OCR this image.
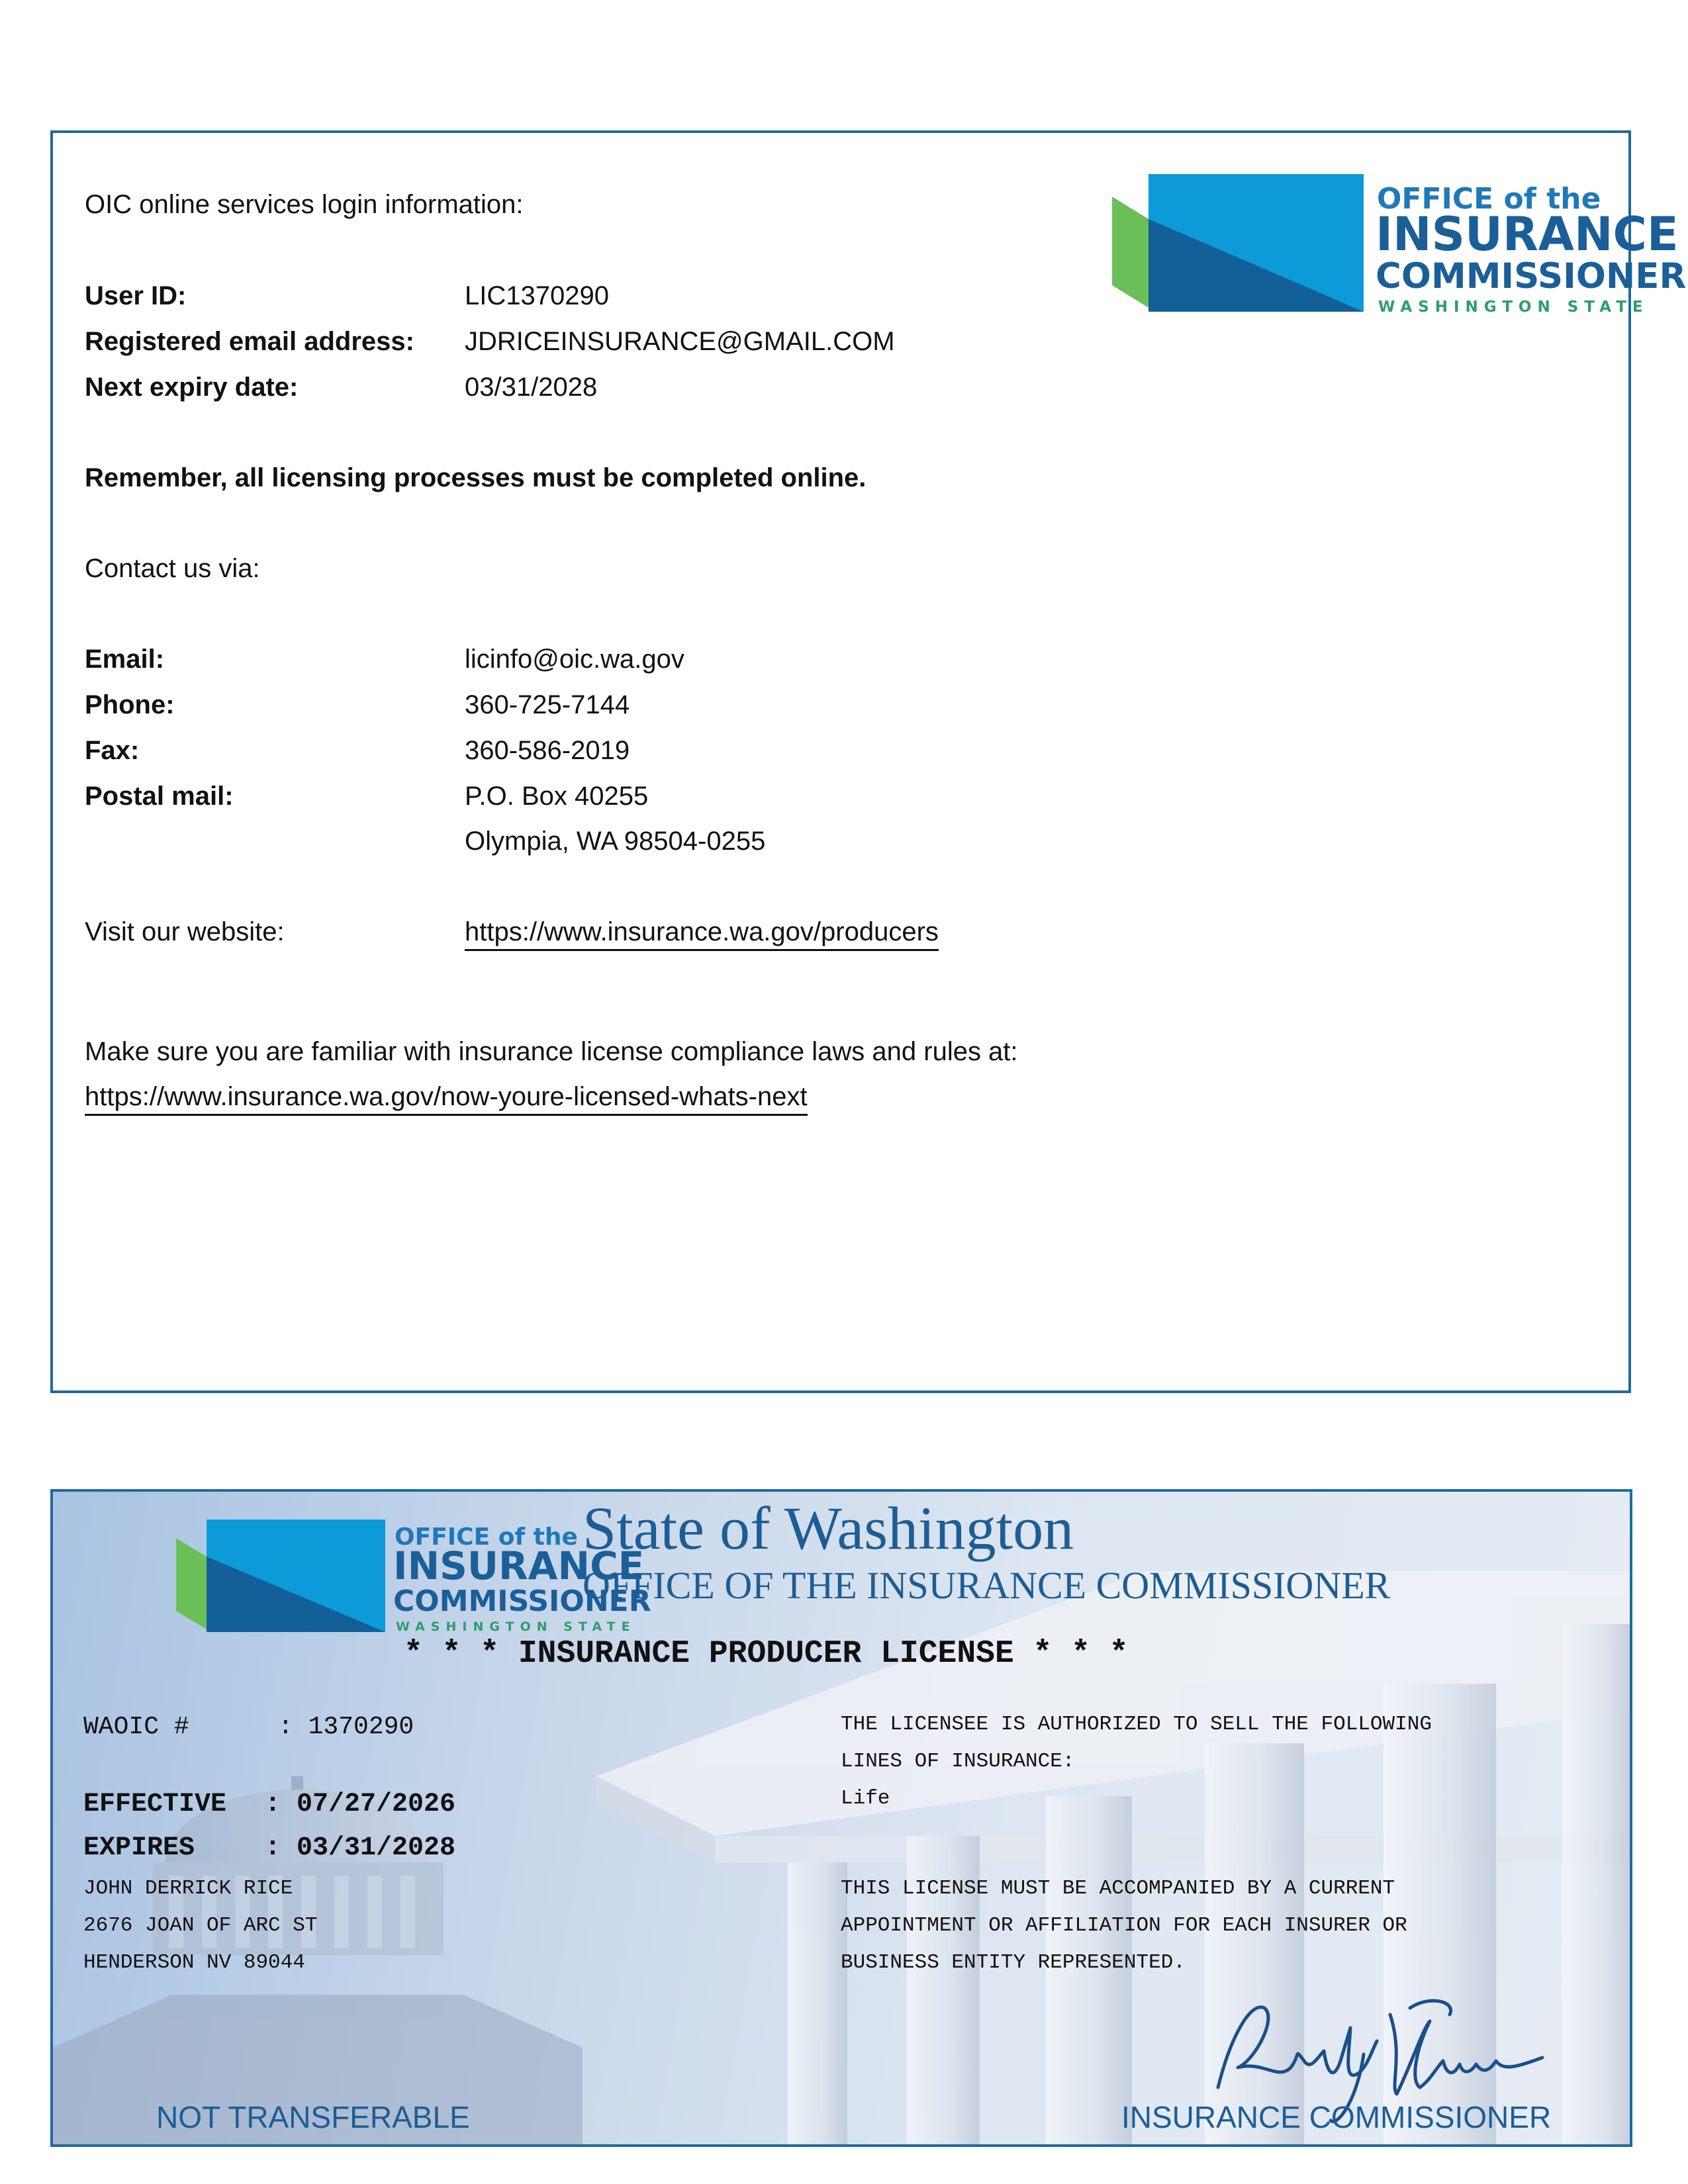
OFFICE of the
INSURANCE
COMMISSIONER
WASHINGTON STATE
OIC online services login information:
User ID:	LIC1370290
Registered email address: JDRICEINSURANCE@GMAIL.COM
Next expiry date:	03/31/2028
Remember, all licensing processes must be completed online.
Contact us via:
Email:	licinfo@oic.wa.gov
Phone:	360-725-7144
Fax:	360-586-2019
Postal mail:	P.O. Box 40255
Olympia, WA 98504-0255
Visit our website:	https://www.insurance.wa.gov/producers
Make sure you are familiar with insurance license compliance laws and rules at:
https://www.insurance.wa.gov/now-youre-licensed-whats-next
OFFICE of the
INSURANCE
COMMISSIONER
WASHINGTON STATE
State of Washington
OFFICE OF THE INSURANCE COMMISSIONER
* * * INSURANCE PRODUCER LICENSE * * *
WAOIC #	: 1370290
EFFECTIVE : 07/27/2026
EXPIRES	: 03/31/2028
JOHN DERRICK RICE
2676 JOAN OF ARC ST
HENDERSON NV 89044
THE LICENSEE IS AUTHORIZED TO SELL THE FOLLOWING
LINES OF INSURANCE:
Life
THIS LICENSE MUST BE ACCOMPANIED BY A CURRENT
APPOINTMENT OR AFFILIATION FOR EACH INSURER OR
BUSINESS ENTITY REPRESENTED.
NOT TRANSFERABLE	INSURANCE COMMISSIONER
